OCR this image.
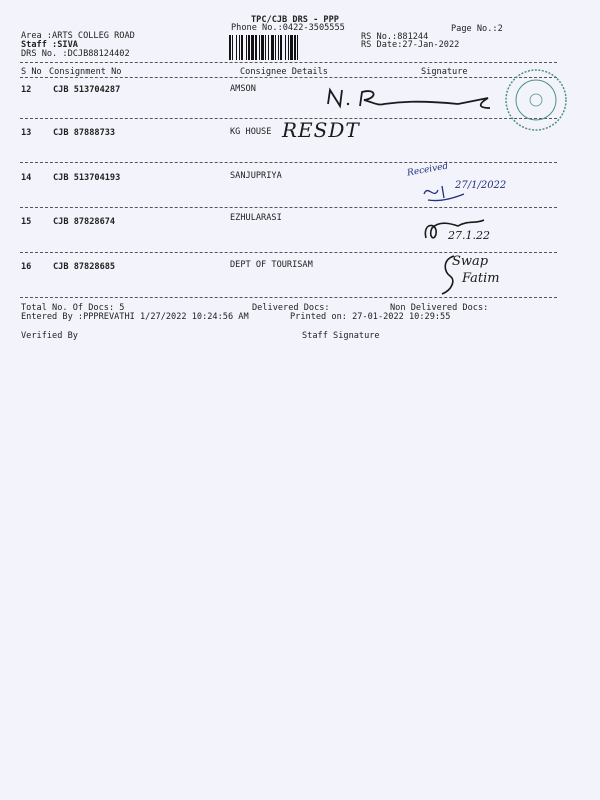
TPC/CJB DRS - PPP
Phone No.:0422-3505555	Page No.:2
Area :ARTS COLLEG ROAD
Staff :SIVA
DRS No. :DCJB88124402
RS No.:881244
RS Date:27-Jan-2022
S No Consignment No	Consignee Details	Signature
12	CJB 513704287	AMSON
13	CJB 87888733	KG HOUSE
14	CJB 513704193	SANJUPRIYA
15	CJB 87828674	EZHULARASI
16	CJB 87828685	DEPT OF TOURISAM
RESDT
Received
27/1/2022
27.1.22
Swap
Fatim
Total No. Of Docs: 5	Delivered Docs:	Non Delivered Docs:
Entered By :PPPREVATHI 1/27/2022 10:24:56 AM	Printed on: 27-01-2022 10:29:55
Verified By	Staff Signature
